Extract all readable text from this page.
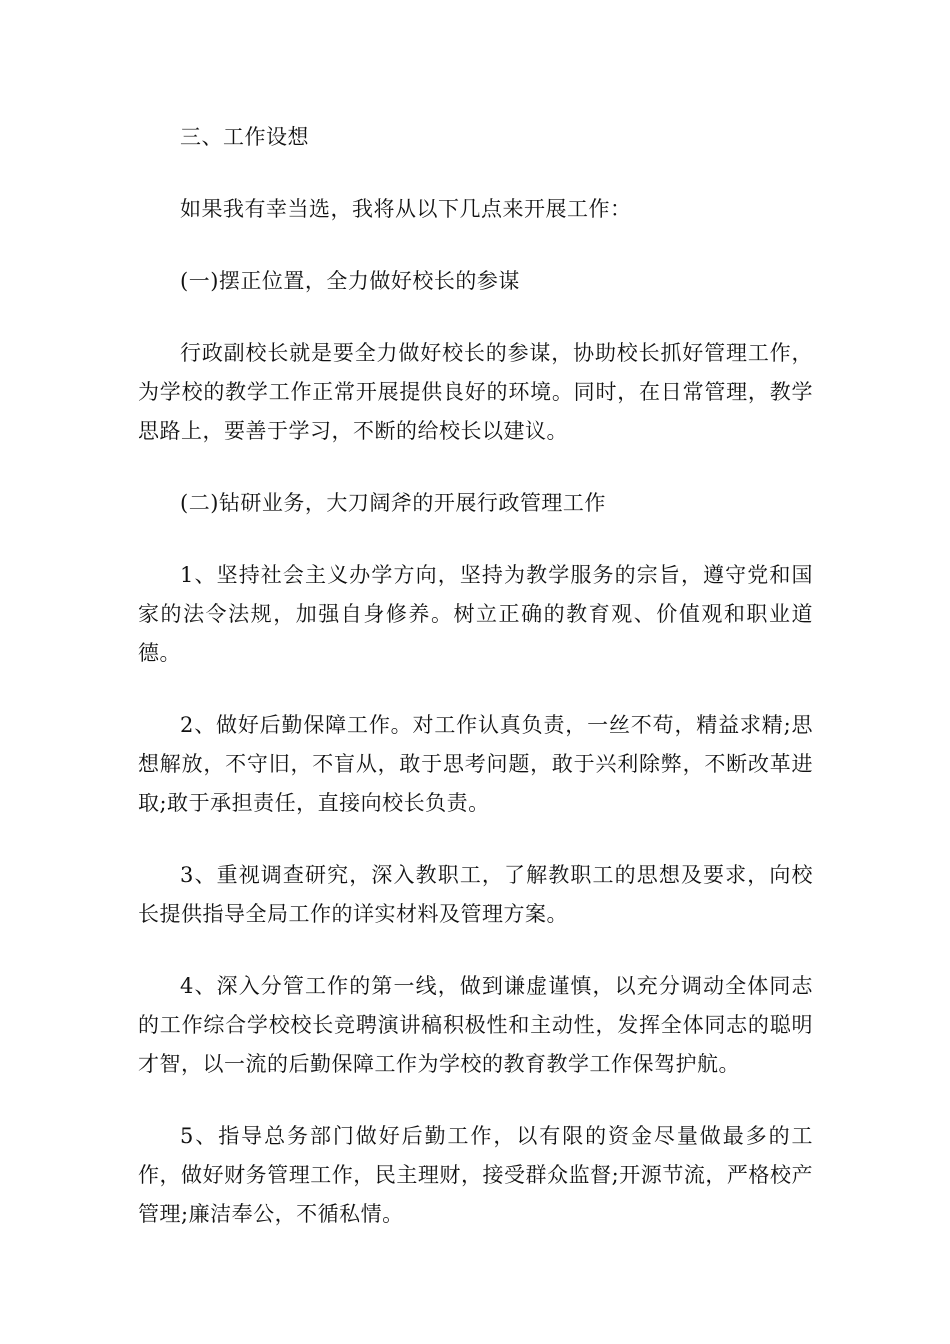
三、工作设想

如果我有幸当选，我将从以下几点来开展工作：

(一)摆正位置，全力做好校长的参谋

行政副校长就是要全力做好校长的参谋，协助校长抓好管理工作，为学校的教学工作正常开展提供良好的环境。同时，在日常管理，教学思路上，要善于学习，不断的给校长以建议。

(二)钻研业务，大刀阔斧的开展行政管理工作

1、坚持社会主义办学方向，坚持为教学服务的宗旨，遵守党和国家的法令法规，加强自身修养。树立正确的教育观、价值观和职业道德。

2、做好后勤保障工作。对工作认真负责，一丝不苟，精益求精;思想解放，不守旧，不盲从，敢于思考问题，敢于兴利除弊，不断改革进取;敢于承担责任，直接向校长负责。

3、重视调查研究，深入教职工，了解教职工的思想及要求，向校长提供指导全局工作的详实材料及管理方案。

4、深入分管工作的第一线，做到谦虚谨慎，以充分调动全体同志的工作综合学校校长竞聘演讲稿积极性和主动性，发挥全体同志的聪明才智，以一流的后勤保障工作为学校的教育教学工作保驾护航。

5、指导总务部门做好后勤工作，以有限的资金尽量做最多的工作，做好财务管理工作，民主理财，接受群众监督;开源节流，严格校产管理;廉洁奉公，不循私情。
